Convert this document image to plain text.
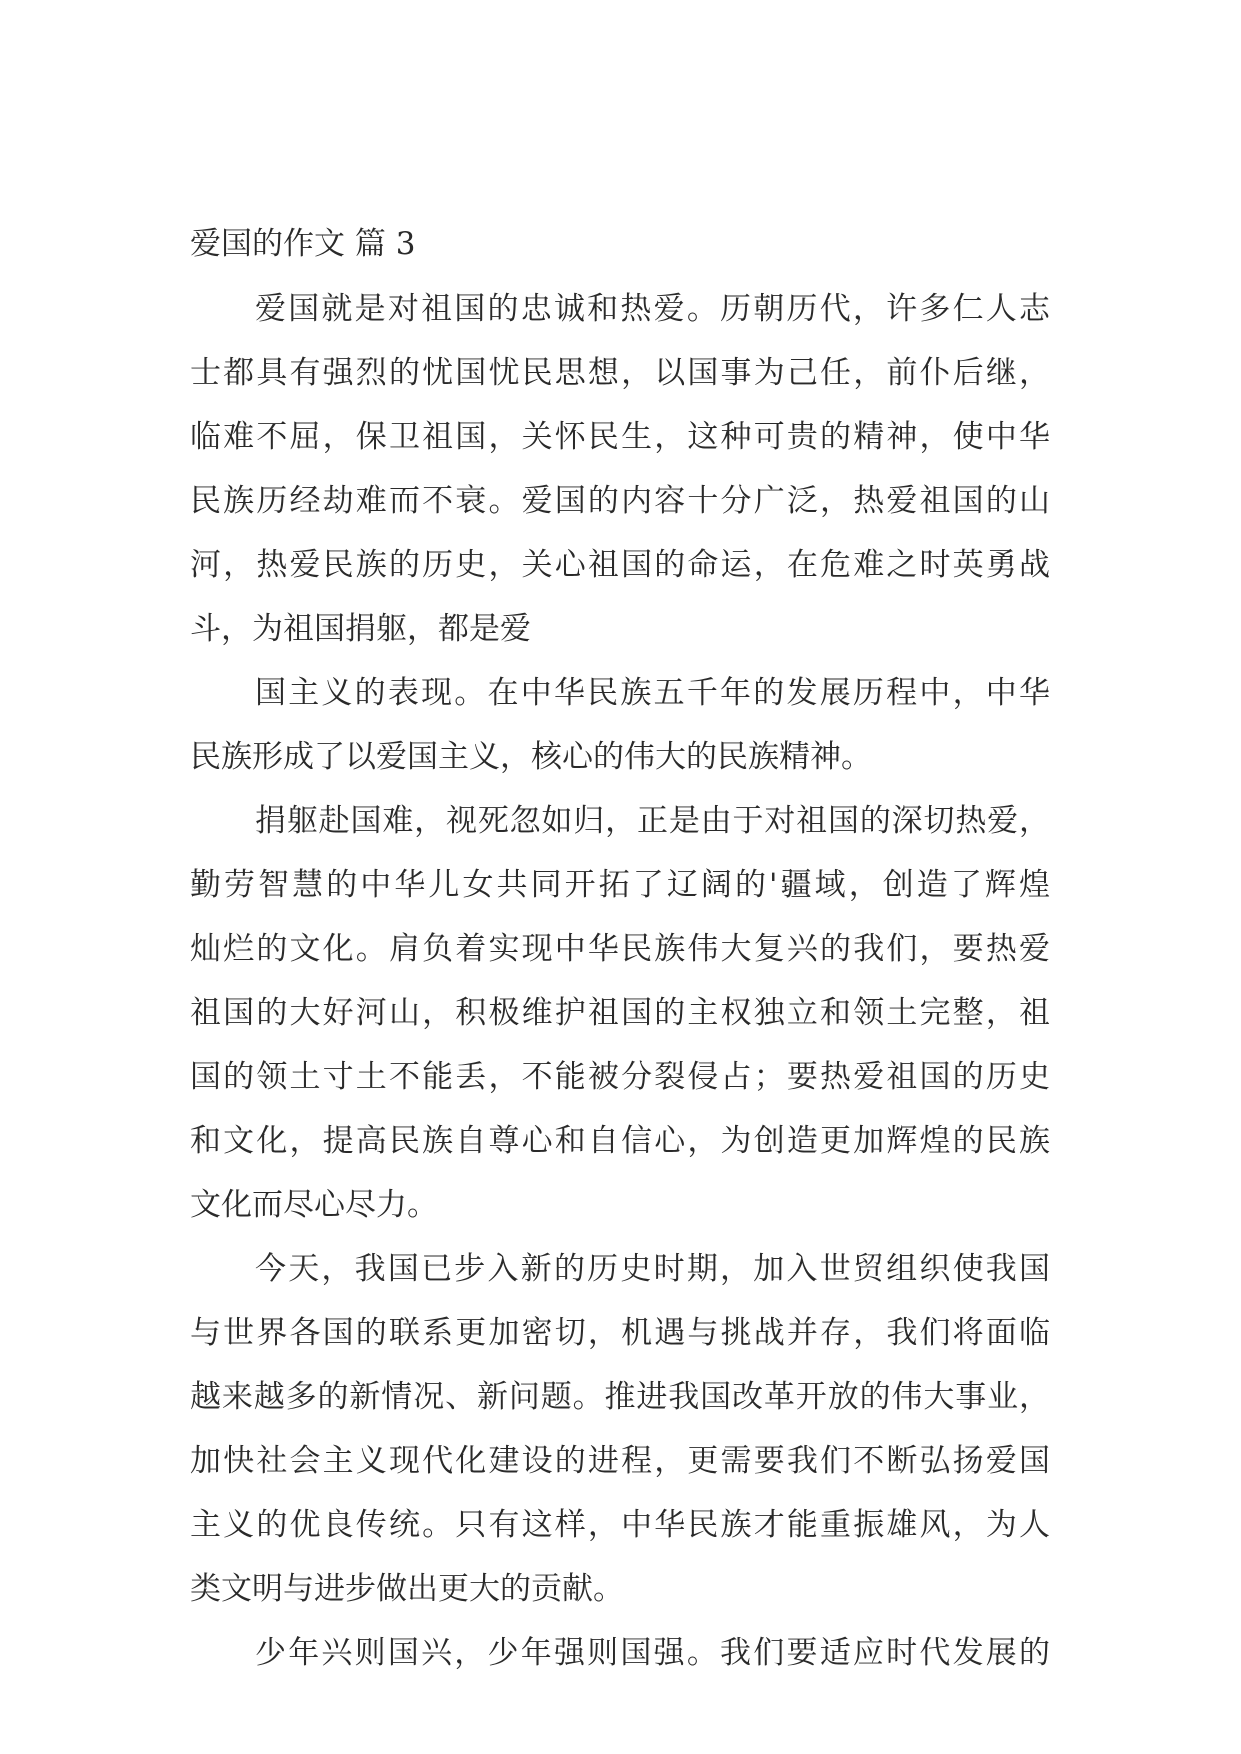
爱国的作文 篇 3
爱国就是对祖国的忠诚和热爱。历朝历代，许多仁人志
士都具有强烈的忧国忧民思想，以国事为己任，前仆后继，
临难不屈，保卫祖国，关怀民生，这种可贵的精神，使中华
民族历经劫难而不衰。爱国的内容十分广泛，热爱祖国的山
河，热爱民族的历史，关心祖国的命运，在危难之时英勇战
斗，为祖国捐躯，都是爱
国主义的表现。在中华民族五千年的发展历程中，中华
民族形成了以爱国主义，核心的伟大的民族精神。
捐躯赴国难，视死忽如归，正是由于对祖国的深切热爱，
勤劳智慧的中华儿女共同开拓了辽阔的'疆域，创造了辉煌
灿烂的文化。肩负着实现中华民族伟大复兴的我们，要热爱
祖国的大好河山，积极维护祖国的主权独立和领土完整，祖
国的领土寸土不能丢，不能被分裂侵占；要热爱祖国的历史
和文化，提高民族自尊心和自信心，为创造更加辉煌的民族
文化而尽心尽力。
今天，我国已步入新的历史时期，加入世贸组织使我国
与世界各国的联系更加密切，机遇与挑战并存，我们将面临
越来越多的新情况、新问题。推进我国改革开放的伟大事业，
加快社会主义现代化建设的进程，更需要我们不断弘扬爱国
主义的优良传统。只有这样，中华民族才能重振雄风，为人
类文明与进步做出更大的贡献。
少年兴则国兴，少年强则国强。我们要适应时代发展的
